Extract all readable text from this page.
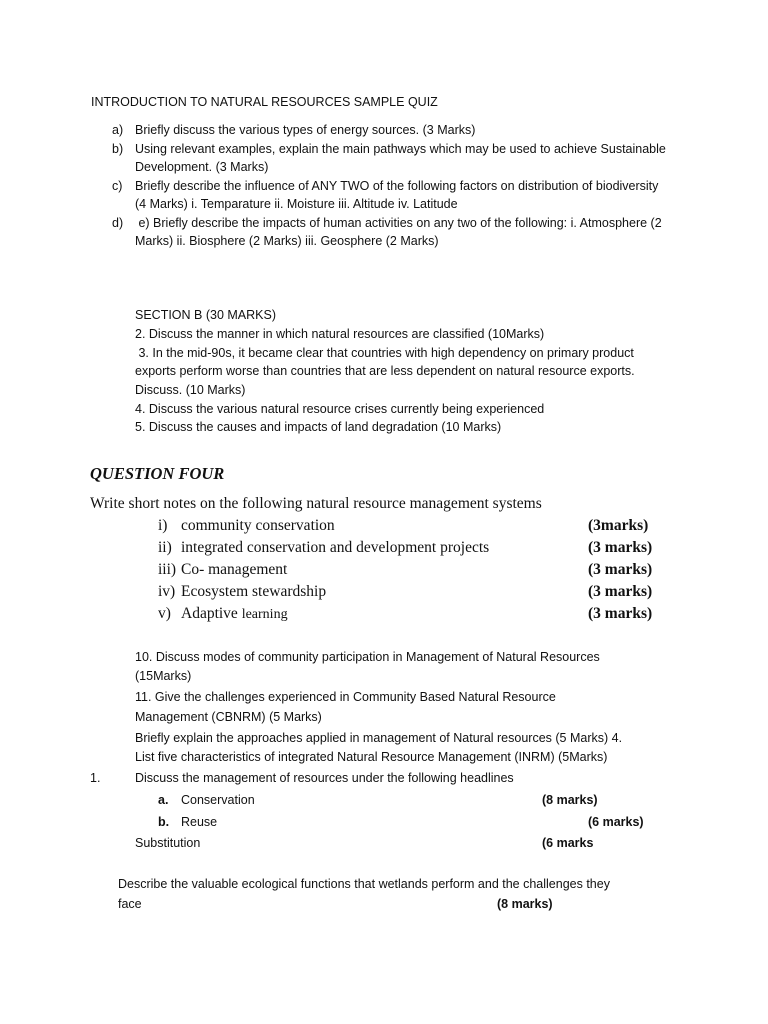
INTRODUCTION TO NATURAL RESOURCES SAMPLE QUIZ
a) Briefly discuss the various types of energy sources. (3 Marks)
b) Using relevant examples, explain the main pathways which may be used to achieve Sustainable
Development. (3 Marks)
c) Briefly describe the influence of ANY TWO of the following factors on distribution of biodiversity
(4 Marks) i. Temparature ii. Moisture iii. Altitude iv. Latitude
d) e) Briefly describe the impacts of human activities on any two of the following: i. Atmosphere (2
Marks) ii. Biosphere (2 Marks) iii. Geosphere (2 Marks)
SECTION B (30 MARKS)
2. Discuss the manner in which natural resources are classified (10Marks)
3. In the mid-90s, it became clear that countries with high dependency on primary product
exports perform worse than countries that are less dependent on natural resource exports.
Discuss. (10 Marks)
4. Discuss the various natural resource crises currently being experienced
5. Discuss the causes and impacts of land degradation (10 Marks)
QUESTION FOUR
Write short notes on the following natural resource management systems
i) community conservation	(3marks)
ii) integrated conservation and development projects	(3 marks)
iii) Co- management	(3 marks)
iv) Ecosystem stewardship	(3 marks)
v) Adaptive learning	(3 marks)
10. Discuss modes of community participation in Management of Natural Resources
(15Marks)
11. Give the challenges experienced in Community Based Natural Resource
Management (CBNRM) (5 Marks)
Briefly explain the approaches applied in management of Natural resources (5 Marks) 4.
List five characteristics of integrated Natural Resource Management (INRM) (5Marks)
1.	Discuss the management of resources under the following headlines
a. Conservation	(8 marks)
b. Reuse	(6 marks)
Substitution	(6 marks
Describe the valuable ecological functions that wetlands perform and the challenges they
face	(8 marks)
